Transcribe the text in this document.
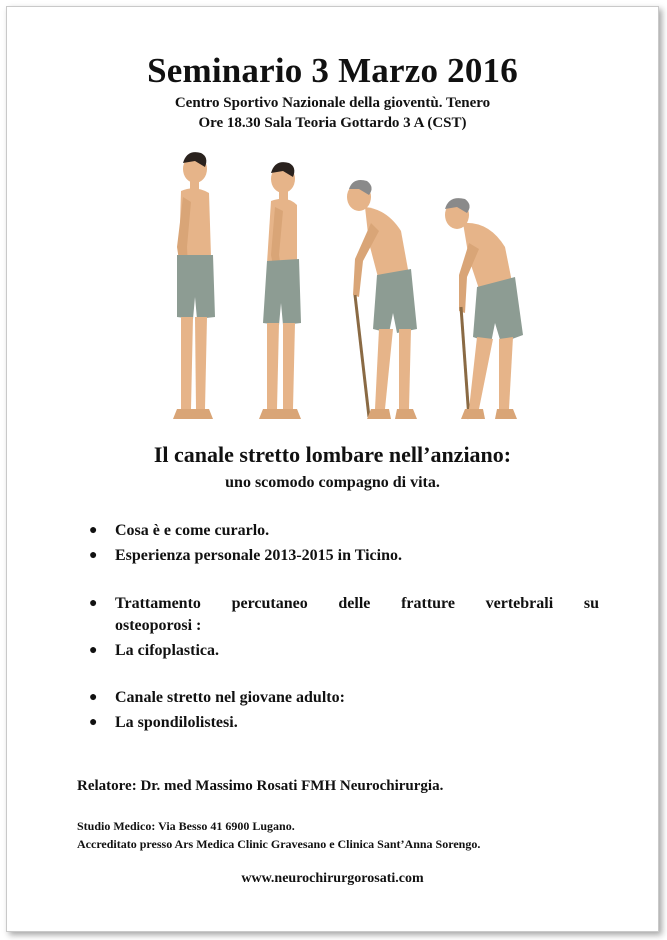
Seminario 3 Marzo 2016
Centro Sportivo Nazionale della gioventù. Tenero
Ore 18.30 Sala Teoria Gottardo 3 A (CST)
Il canale stretto lombare nell’anziano:
uno scomodo compagno di vita.
●	Cosa è e come curarlo.
●	Esperienza personale 2013-2015 in Ticino.
●	Trattamento percutaneo delle fratture vertebrali su
osteoporosi :
●	La cifoplastica.
●	Canale stretto nel giovane adulto:
●	La spondilolistesi.
Relatore: Dr. med Massimo Rosati FMH Neurochirurgia.
Studio Medico: Via Besso 41 6900 Lugano.
Accreditato presso Ars Medica Clinic Gravesano e Clinica Sant’Anna Sorengo.
www.neurochirurgorosati.com
